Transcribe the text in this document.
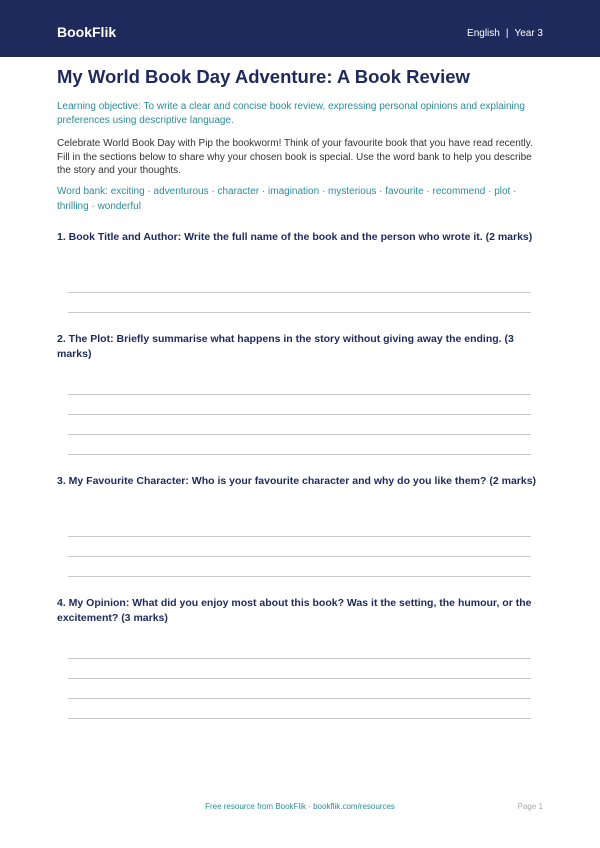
BookFlik	English | Year 3
My World Book Day Adventure: A Book Review

Learning objective: To write a clear and concise book review, expressing personal opinions and explaining preferences using descriptive language.

Celebrate World Book Day with Pip the bookworm! Think of your favourite book that you have read recently. Fill in the sections below to share why your chosen book is special. Use the word bank to help you describe the story and your thoughts.

Word bank: exciting · adventurous · character · imagination · mysterious · favourite · recommend · plot · thrilling · wonderful

1. Book Title and Author: Write the full name of the book and the person who wrote it. (2 marks)

2. The Plot: Briefly summarise what happens in the story without giving away the ending. (3 marks)

3. My Favourite Character: Who is your favourite character and why do you like them? (2 marks)

4. My Opinion: What did you enjoy most about this book? Was it the setting, the humour, or the excitement? (3 marks)

Free resource from BookFlik · bookflik.com/resources	Page 1
